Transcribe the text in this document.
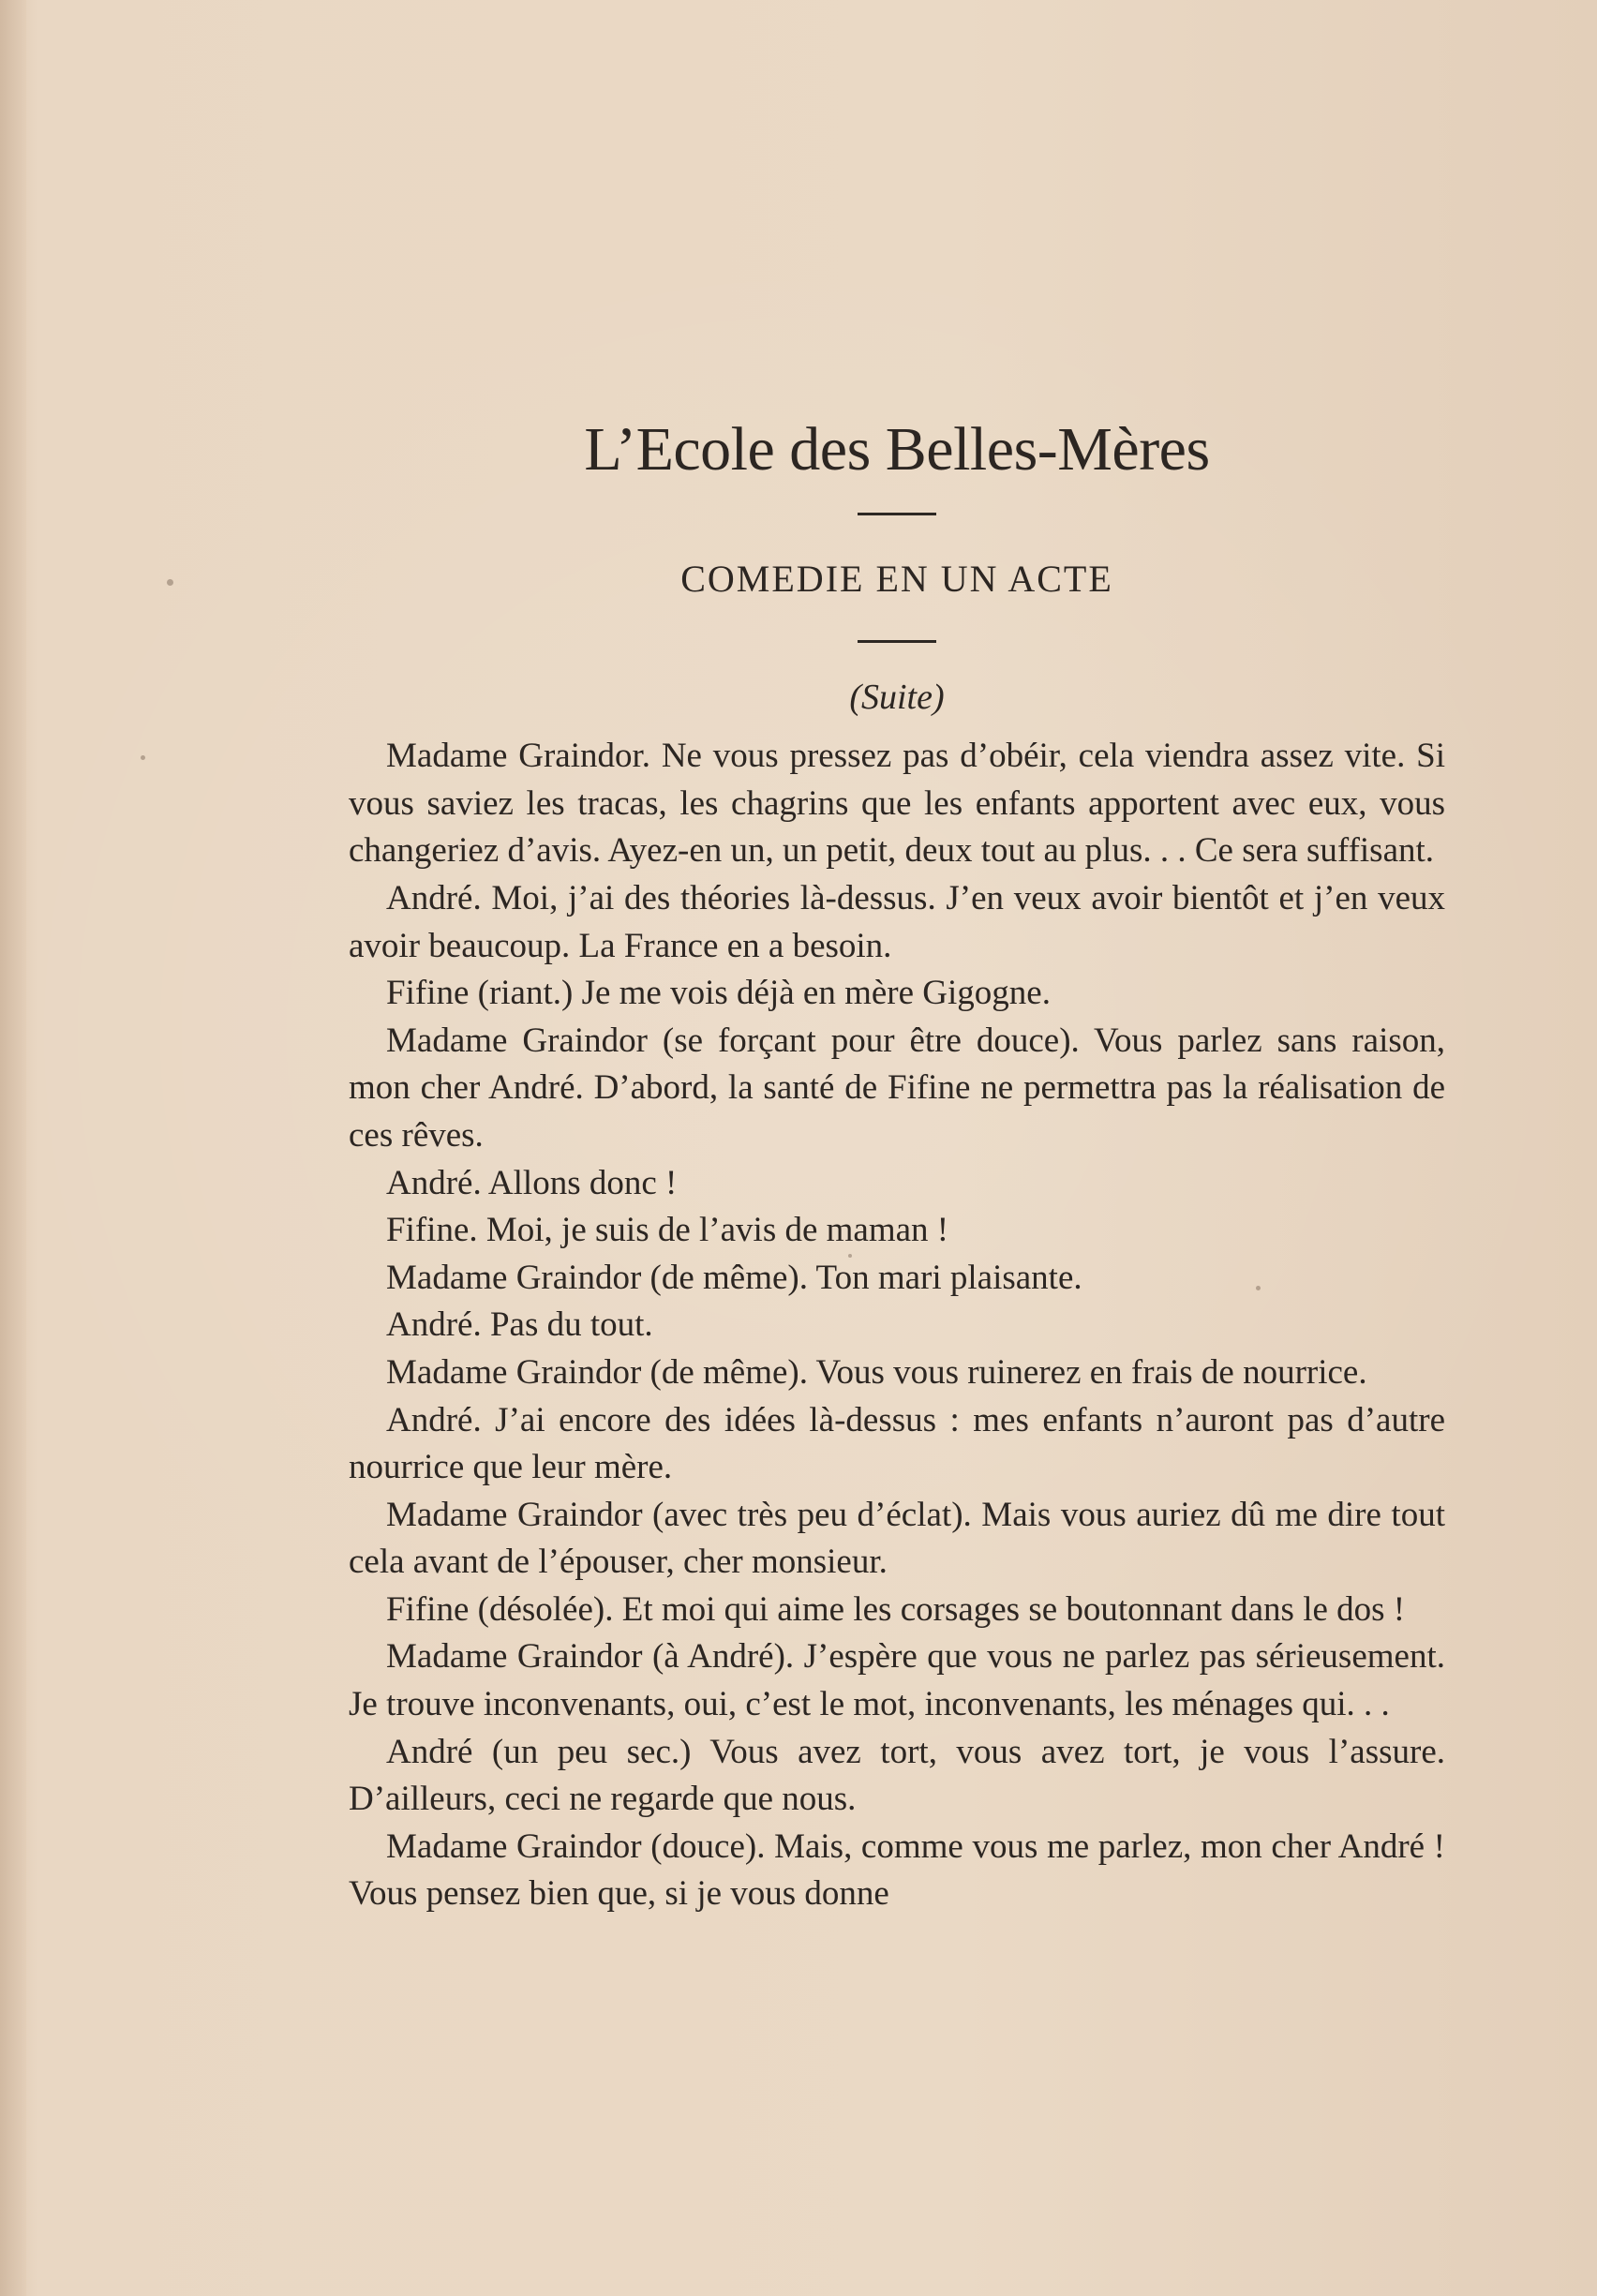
L’Ecole des Belles-Mères
COMEDIE EN UN ACTE
(Suite)

Madame Graindor. Ne vous pressez pas d’obéir, cela viendra assez vite. Si vous saviez les tracas, les chagrins que les enfants apportent avec eux, vous changeriez d’avis. Ayez-en un, un petit, deux tout au plus. . . Ce sera suffisant.

André. Moi, j’ai des théories là-dessus. J’en veux avoir bientôt et j’en veux avoir beaucoup. La France en a besoin.

Fifine (riant.) Je me vois déjà en mère Gigogne.

Madame Graindor (se forçant pour être douce). Vous parlez sans raison, mon cher André. D’abord, la santé de Fifine ne permettra pas la réalisation de ces rêves.

André. Allons donc !

Fifine. Moi, je suis de l’avis de maman !

Madame Graindor (de même). Ton mari plaisante.

André. Pas du tout.

Madame Graindor (de même). Vous vous ruinerez en frais de nourrice.

André. J’ai encore des idées là-dessus : mes enfants n’auront pas d’autre nourrice que leur mère.

Madame Graindor (avec très peu d’éclat). Mais vous auriez dû me dire tout cela avant de l’épouser, cher monsieur.

Fifine (désolée). Et moi qui aime les corsages se boutonnant dans le dos !

Madame Graindor (à André). J’espère que vous ne parlez pas sérieusement. Je trouve inconvenants, oui, c’est le mot, inconvenants, les ménages qui. . .

André (un peu sec.) Vous avez tort, vous avez tort, je vous l’assure. D’ailleurs, ceci ne regarde que nous.

Madame Graindor (douce). Mais, comme vous me parlez, mon cher André ! Vous pensez bien que, si je vous donne
